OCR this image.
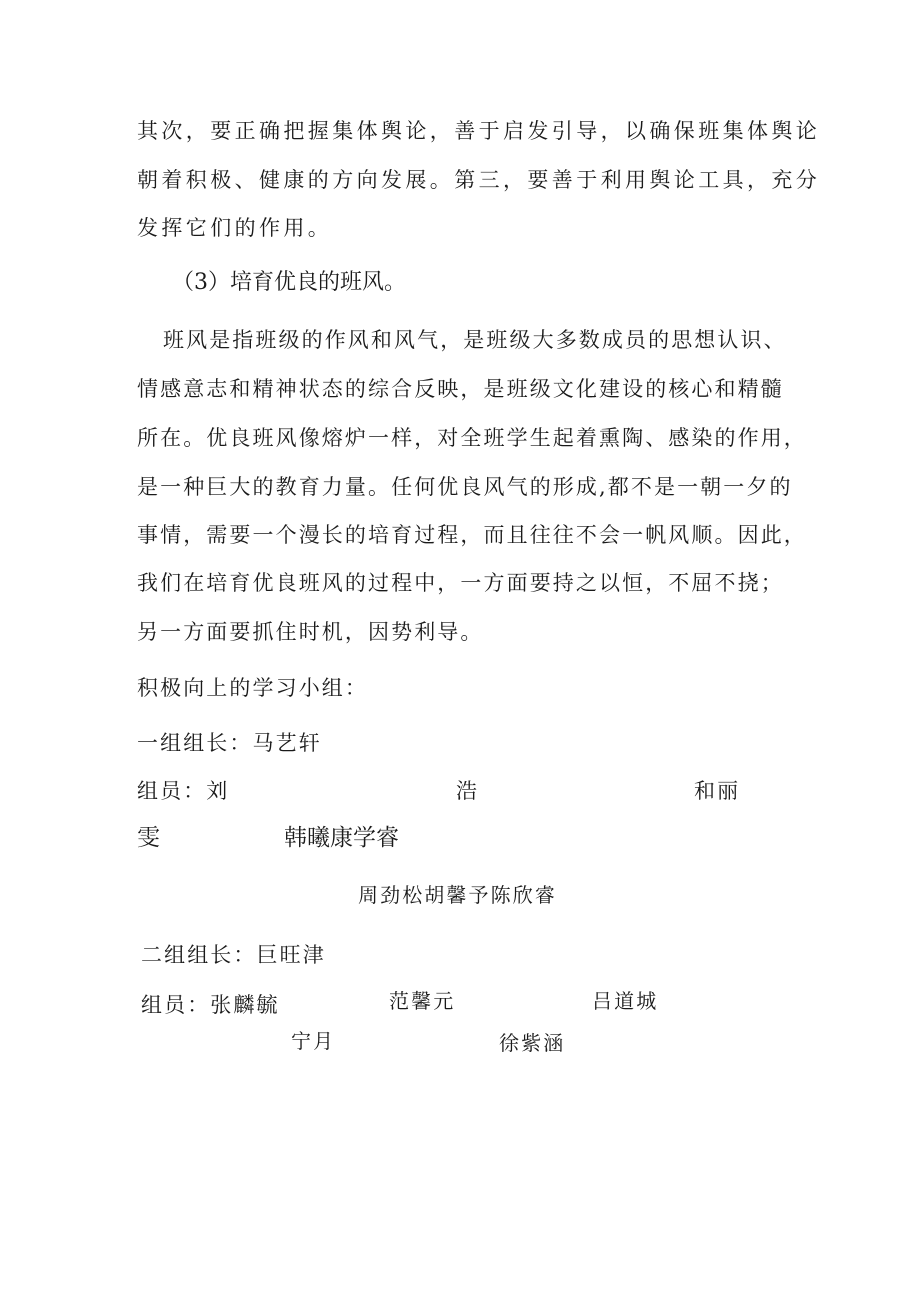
其次，要正确把握集体舆论，善于启发引导，以确保班集体舆论
朝着积极、健康的方向发展。第三，要善于利用舆论工具，充分
发挥它们的作用。
（3）培育优良的班风。
班风是指班级的作风和风气，是班级大多数成员的思想认识、
情感意志和精神状态的综合反映，是班级文化建设的核心和精髓
所在。优良班风像熔炉一样，对全班学生起着熏陶、感染的作用，
是一种巨大的教育力量。任何优良风气的形成,都不是一朝一夕的
事情，需要一个漫长的培育过程，而且往往不会一帆风顺。因此，
我们在培育优良班风的过程中，一方面要持之以恒，不屈不挠；
另一方面要抓住时机，因势利导。
积极向上的学习小组：
一组组长：马艺轩
组员：刘	浩	和丽
雯	韩曦康学睿
周劲松胡馨予陈欣睿
二组组长：巨旺津
组员：张麟毓	范馨元	吕道城
宁月	徐紫涵
